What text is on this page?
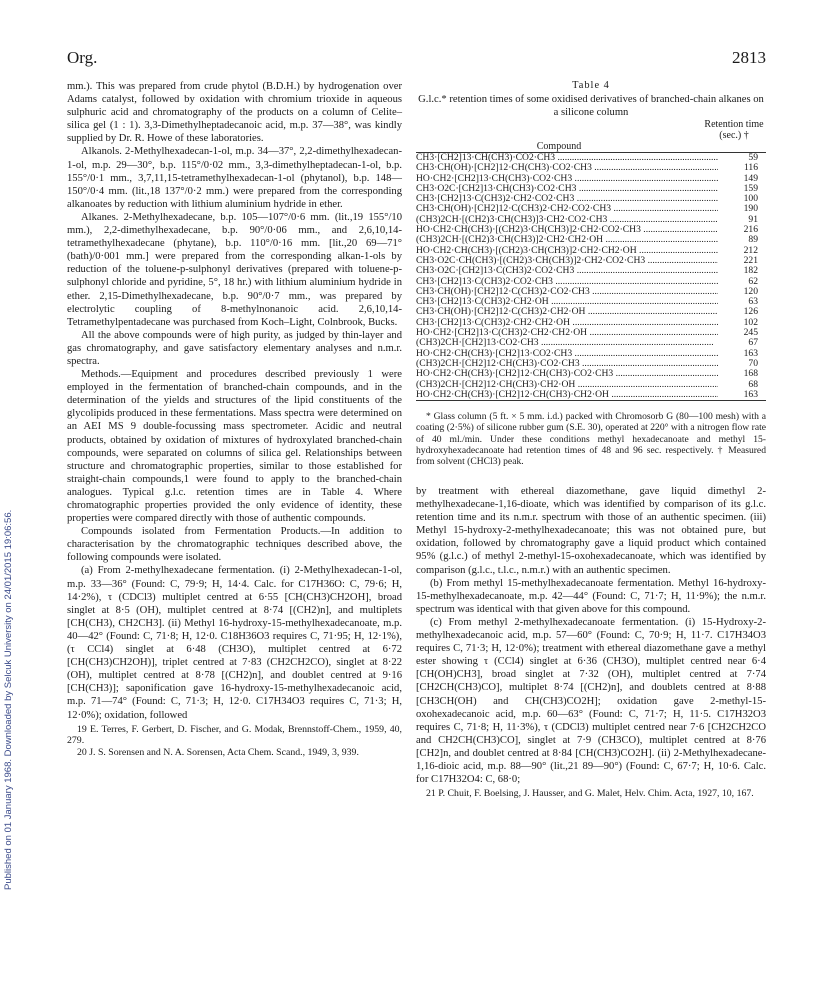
Org.	2813
Published on 01 January 1968. Downloaded by Selcuk University on 24/01/2015 19:06:56.

mm.). This was prepared from crude phytol (B.D.H.) by hydrogenation over Adams catalyst, followed by oxidation with chromium trioxide in aqueous sulphuric acid and chromatography of the products on a column of Celite–silica gel (1 : 1). 3,3-Dimethylheptadecanoic acid, m.p. 37—38°, was kindly supplied by Dr. R. Howe of these laboratories.

Alkanols. 2-Methylhexadecan-1-ol, m.p. 34—37°, 2,2-dimethylhexadecan-1-ol, m.p. 29—30°, b.p. 115°/0·02 mm., 3,3-dimethylheptadecan-1-ol, b.p. 155°/0·1 mm., 3,7,11,15-tetramethylhexadecan-1-ol (phytanol), b.p. 148—150°/0·4 mm. (lit.,18 137°/0·2 mm.) were prepared from the corresponding alkanoates by reduction with lithium aluminium hydride in ether.

Alkanes. 2-Methylhexadecane, b.p. 105—107°/0·6 mm. (lit.,19 155°/10 mm.), 2,2-dimethylhexadecane, b.p. 90°/0·06 mm., and 2,6,10,14-tetramethylhexadecane (phytane), b.p. 110°/0·16 mm. [lit.,20 69—71°(bath)/0·001 mm.] were prepared from the corresponding alkan-1-ols by reduction of the toluene-p-sulphonyl derivatives (prepared with toluene-p-sulphonyl chloride and pyridine, 5°, 18 hr.) with lithium aluminium hydride in ether. 2,15-Dimethylhexadecane, b.p. 90°/0·7 mm., was prepared by electrolytic coupling of 8-methylnonanoic acid. 2,6,10,14-Tetramethylpentadecane was purchased from Koch–Light, Colnbrook, Bucks.

All the above compounds were of high purity, as judged by thin-layer and gas chromatography, and gave satisfactory elementary analyses and n.m.r. spectra.

Methods.—Equipment and procedures described previously 1 were employed in the fermentation of branched-chain compounds, and in the determination of the yields and structures of the lipid constituents of the glycolipids produced in these fermentations. Mass spectra were determined on an AEI MS 9 double-focussing mass spectrometer. Acidic and neutral products, obtained by oxidation of mixtures of hydroxylated branched-chain compounds, were separated on columns of silica gel. Relationships between structure and chromatographic properties, similar to those established for straight-chain compounds,1 were found to apply to the branched-chain analogues. Typical g.l.c. retention times are in Table 4. Where chromatographic properties provided the only evidence of identity, these properties were compared directly with those of authentic compounds.

Compounds isolated from Fermentation Products.—In addition to characterisation by the chromatographic techniques described above, the following compounds were isolated.

(a) From 2-methylhexadecane fermentation. (i) 2-Methylhexadecan-1-ol, m.p. 33—36° (Found: C, 79·9; H, 14·4. Calc. for C17H36O: C, 79·6; H, 14·2%), τ (CDCl3) multiplet centred at 6·55 [CH(CH3)CH2OH], broad singlet at 8·5 (OH), multiplet centred at 8·74 [(CH2)n], and multiplets [CH(CH3), CH2CH3]. (ii) Methyl 16-hydroxy-15-methylhexadecanoate, m.p. 40—42° (Found: C, 71·8; H, 12·0. C18H36O3 requires C, 71·95; H, 12·1%), (τ CCl4) singlet at 6·48 (CH3O), multiplet centred at 6·72 [CH(CH3)CH2OH)], triplet centred at 7·83 (CH2CH2CO), singlet at 8·22 (OH), multiplet centred at 8·78 [(CH2)n], and doublet centred at 9·16 [CH(CH3)]; saponification gave 16-hydroxy-15-methylhexadecanoic acid, m.p. 71—74° (Found: C, 71·3; H, 12·0. C17H34O3 requires C, 71·3; H, 12·0%); oxidation, followed

19 E. Terres, F. Gerbert, D. Fischer, and G. Modak, Brennstoff-Chem., 1959, 40, 279.

20 J. S. Sorensen and N. A. Sorensen, Acta Chem. Scand., 1949, 3, 939.

Table 4
G.l.c.* retention times of some oxidised derivatives of branched-chain alkanes on a silicone column
Retention time (sec.) †
Compound
CH3·[CH2]13·CH(CH3)·CO2·CH3 .....	59
CH3·CH(OH)·[CH2]12·CH(CH3)·CO2·CH3 .....	116
HO·CH2·[CH2]13·CH(CH3)·CO2·CH3 .....	149
CH3·O2C·[CH2]13·CH(CH3)·CO2·CH3 .....	159
CH3·[CH2]13·C(CH3)2·CH2·CO2·CH3 .....	100
CH3·CH(OH)·[CH2]12·C(CH3)2·CH2·CO2·CH3 .....	190
(CH3)2CH·[(CH2)3·CH(CH3)]3·CH2·CO2·CH3 .....	91
HO·CH2·CH(CH3)·[(CH2)3·CH(CH3)]2·CH2·CO2·CH3 .....	216
(CH3)2CH·[(CH2)3·CH(CH3)]2·CH2·CH2·OH .....	89
HO·CH2·CH(CH3)·[(CH2)3·CH(CH3)]2·CH2·CH2·OH .....	212
CH3·O2C·CH(CH3)·[(CH2)3·CH(CH3)]2·CH2·CO2·CH3 .....	221
CH3·O2C·[CH2]13·C(CH3)2·CO2·CH3 .....	182
CH3·[CH2]13·C(CH3)2·CO2·CH3 .....	62
CH3·CH(OH)·[CH2]12·C(CH3)2·CO2·CH3 .....	120
CH3·[CH2]13·C(CH3)2·CH2·OH .....	63
CH3·CH(OH)·[CH2]12·C(CH3)2·CH2·OH .....	126
CH3·[CH2]13·C(CH3)2·CH2·CH2·OH .....	102
HO·CH2·[CH2]13·C(CH3)2·CH2·CH2·OH .....	245
(CH3)2CH·[CH2]13·CO2·CH3 .....	67
HO·CH2·CH(CH3)·[CH2]13·CO2·CH3 .....	163
(CH3)2CH·[CH2]12·CH(CH3)·CO2·CH3 .....	70
HO·CH2·CH(CH3)·[CH2]12·CH(CH3)·CO2·CH3 .....	168
(CH3)2CH·[CH2]12·CH(CH3)·CH2·OH .....	68
HO·CH2·CH(CH3)·[CH2]12·CH(CH3)·CH2·OH .....	163

* Glass column (5 ft. × 5 mm. i.d.) packed with Chromosorb G (80—100 mesh) with a coating (2·5%) of silicone rubber gum (S.E. 30), operated at 220° with a nitrogen flow rate of 40 ml./min. Under these conditions methyl hexadecanoate and methyl 15-hydroxyhexadecanoate had retention times of 48 and 96 sec. respectively. † Measured from solvent (CHCl3) peak.

by treatment with ethereal diazomethane, gave liquid dimethyl 2-methylhexadecane-1,16-dioate, which was identified by comparison of its g.l.c. retention time and its n.m.r. spectrum with those of an authentic specimen. (iii) Methyl 15-hydroxy-2-methylhexadecanoate; this was not obtained pure, but oxidation, followed by chromatography gave a liquid product which contained 95% (g.l.c.) of methyl 2-methyl-15-oxohexadecanoate, which was identified by comparison (g.l.c., t.l.c., n.m.r.) with an authentic specimen.

(b) From methyl 15-methylhexadecanoate fermentation. Methyl 16-hydroxy-15-methylhexadecanoate, m.p. 42—44° (Found: C, 71·7; H, 11·9%); the n.m.r. spectrum was identical with that given above for this compound.

(c) From methyl 2-methylhexadecanoate fermentation. (i) 15-Hydroxy-2-methylhexadecanoic acid, m.p. 57—60° (Found: C, 70·9; H, 11·7. C17H34O3 requires C, 71·3; H, 12·0%); treatment with ethereal diazomethane gave a methyl ester showing τ (CCl4) singlet at 6·36 (CH3O), multiplet centred near 6·4 [CH(OH)CH3], broad singlet at 7·32 (OH), multiplet centred at 7·74 [CH2CH(CH3)CO], multiplet 8·74 [(CH2)n], and doublets centred at 8·88 [CH3CH(OH) and CH(CH3)CO2H]; oxidation gave 2-methyl-15-oxohexadecanoic acid, m.p. 60—63° (Found: C, 71·7; H, 11·5. C17H32O3 requires C, 71·8; H, 11·3%), τ (CDCl3) multiplet centred near 7·6 [CH2CH2CO and CH2CH(CH3)CO], singlet at 7·9 (CH3CO), multiplet centred at 8·76 [CH2]n, and doublet centred at 8·84 [CH(CH3)CO2H]. (ii) 2-Methylhexadecane-1,16-dioic acid, m.p. 88—90° (lit.,21 89—90°) (Found: C, 67·7; H, 10·6. Calc. for C17H32O4: C, 68·0;

21 P. Chuit, F. Boelsing, J. Hausser, and G. Malet, Helv. Chim. Acta, 1927, 10, 167.
